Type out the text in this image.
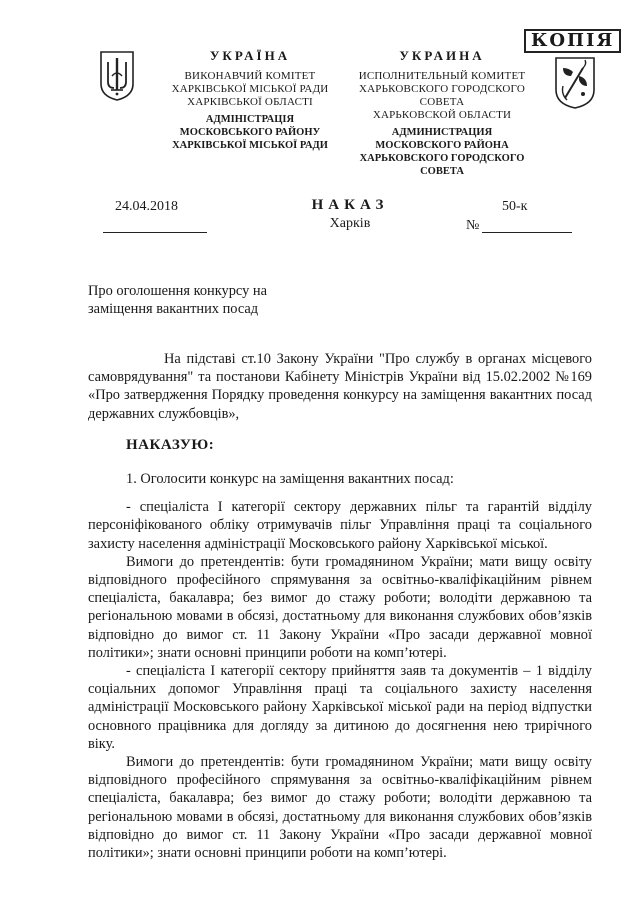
КОПІЯ
УКРАЇНА
ВИКОНАВЧИЙ КОМІТЕТ
ХАРКІВСЬКОЇ МІСЬКОЇ РАДИ
ХАРКІВСЬКОЇ ОБЛАСТІ
АДМІНІСТРАЦІЯ
МОСКОВСЬКОГО РАЙОНУ
ХАРКІВСЬКОЇ МІСЬКОЇ РАДИ
УКРАИНА
ИСПОЛНИТЕЛЬНЫЙ КОМИТЕТ
ХАРЬКОВСКОГО ГОРОДСКОГО СОВЕТА
ХАРЬКОВСКОЙ ОБЛАСТИ
АДМИНИСТРАЦИЯ
МОСКОВСКОГО РАЙОНА
ХАРЬКОВСКОГО ГОРОДСКОГО СОВЕТА
24.04.2018	НАКАЗ
Харків
50-к
№
Про оголошення конкурсу на
заміщення вакантних посад

На підставі ст.10 Закону України "Про службу в органах місцевого самоврядування" та постанови Кабінету Міністрів України від 15.02.2002 №169 «Про затвердження Порядку проведення конкурсу на заміщення вакантних посад державних службовців»,

НАКАЗУЮ:

1. Оголосити конкурс на заміщення вакантних посад:

- спеціаліста I категорії сектору державних пільг та гарантій відділу персоніфікованого обліку отримувачів пільг Управління праці та соціального захисту населення адміністрації Московського району Харківської міської.

Вимоги до претендентів: бути громадянином України; мати вищу освіту відповідного професійного спрямування за освітньо-кваліфікаційним рівнем спеціаліста, бакалавра; без вимог до стажу роботи; володіти державною та регіональною мовами в обсязі, достатньому для виконання службових обов’язків відповідно до вимог ст. 11 Закону України «Про засади державної мовної політики»; знати основні принципи роботи на комп’ютері.

- спеціаліста I категорії сектору прийняття заяв та документів – 1 відділу соціальних допомог Управління праці та соціального захисту населення адміністрації Московського району Харківської міської ради на період відпустки основного працівника для догляду за дитиною до досягнення нею трирічного віку.

Вимоги до претендентів: бути громадянином України; мати вищу освіту відповідного професійного спрямування за освітньо-кваліфікаційним рівнем спеціаліста, бакалавра; без вимог до стажу роботи; володіти державною та регіональною мовами в обсязі, достатньому для виконання службових обов’язків відповідно до вимог ст. 11 Закону України «Про засади державної мовної політики»; знати основні принципи роботи на комп’ютері.
